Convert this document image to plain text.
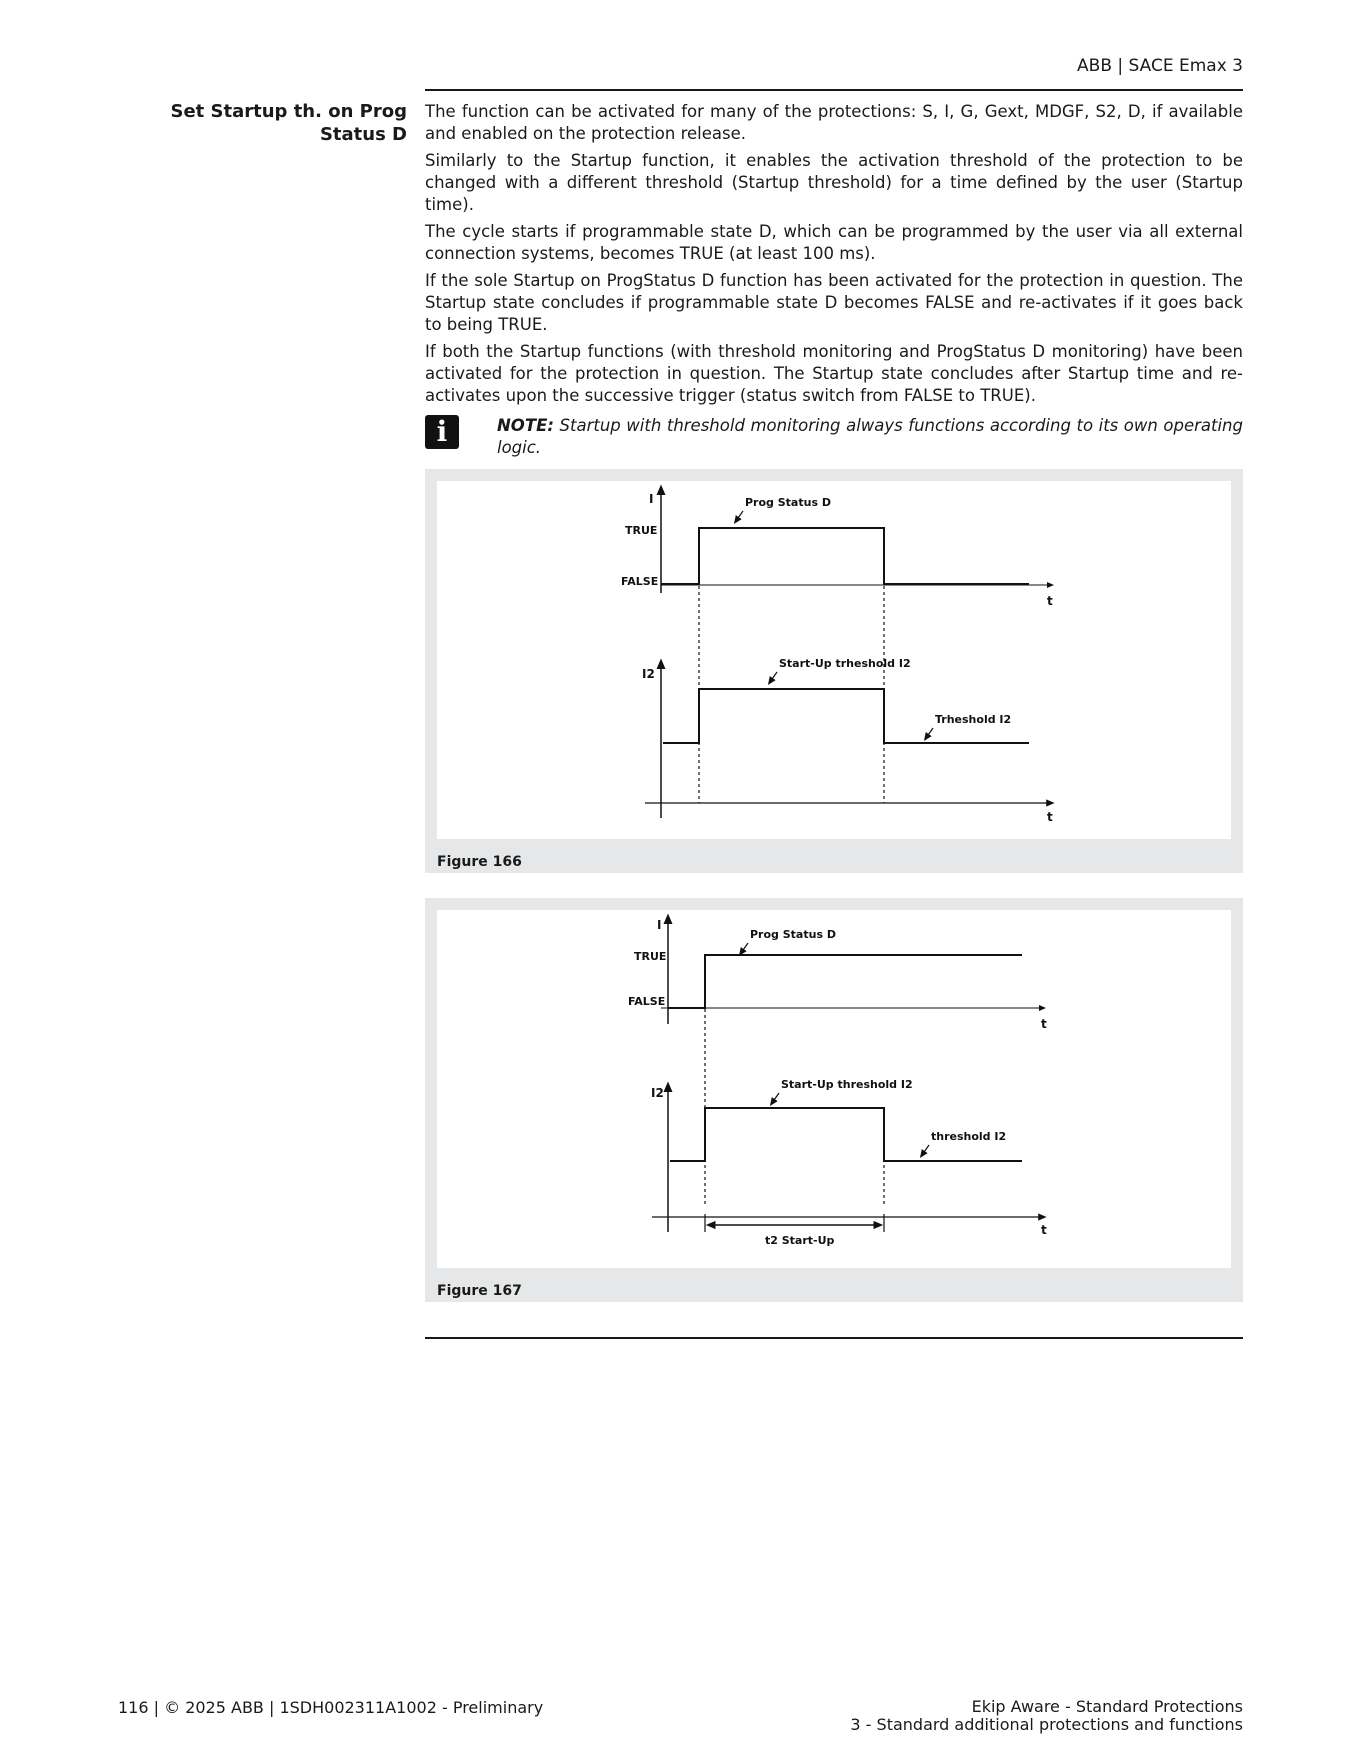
ABB | SACE Emax 3
Set Startup th. on Prog Status D

The function can be activated for many of the protections: S, I, G, Gext, MDGF, S2, D, if available and enabled on the protection release.

Similarly to the Startup function, it enables the activation threshold of the protection to be changed with a different threshold (Startup threshold) for a time defined by the user (Startup time).

The cycle starts if programmable state D, which can be programmed by the user via all external connection systems, becomes TRUE (at least 100 ms).

If the sole Startup on ProgStatus D function has been activated for the protection in question. The Startup state concludes if programmable state D becomes FALSE and re-activates if it goes back to being TRUE.

If both the Startup functions (with threshold monitoring and ProgStatus D monitoring) have been activated for the protection in question. The Startup state concludes after Startup time and re-activates upon the successive trigger (status switch from FALSE to TRUE).

i	NOTE: Startup with threshold monitoring always functions according to its own operating logic.

I
TRUE
FALSE
t
Prog Status D
I2
t
Start-Up trheshold I2
Trheshold I2
Figure 166
I
TRUE
FALSE
t
Prog Status D
I2
t
Start-Up threshold I2
threshold I2
t2 Start-Up
Figure 167
116 | © 2025 ABB | 1SDH002311A1002 - Preliminary	Ekip Aware - Standard Protections
3 - Standard additional protections and functions
